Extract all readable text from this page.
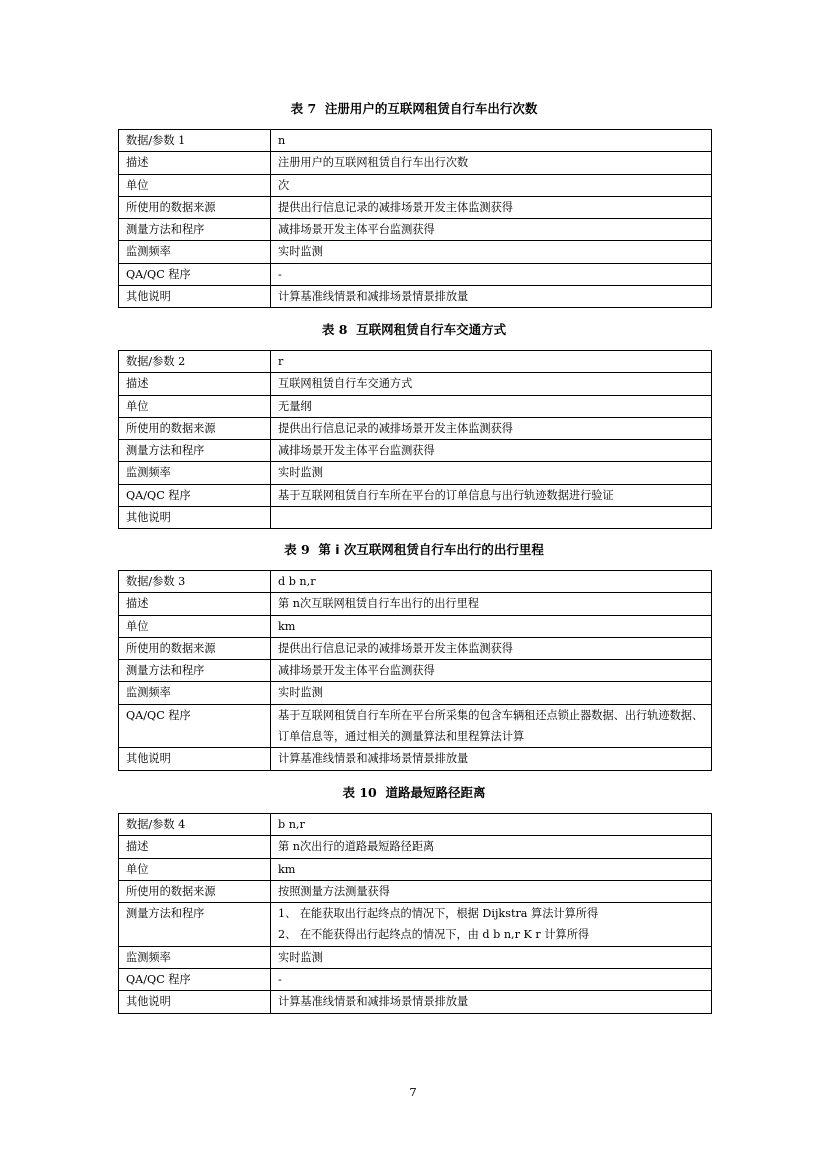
表 7 注册用户的互联网租赁自行车出行次数
数据/参数 1	n
描述	注册用户的互联网租赁自行车出行次数
单位	次
所使用的数据来源	提供出行信息记录的减排场景开发主体监测获得
测量方法和程序	减排场景开发主体平台监测获得
监测频率	实时监测
QA/QC 程序	-
其他说明	计算基准线情景和减排场景情景排放量
表 8 互联网租赁自行车交通方式
数据/参数 2	r
描述	互联网租赁自行车交通方式
单位	无量纲
所使用的数据来源	提供出行信息记录的减排场景开发主体监测获得
测量方法和程序	减排场景开发主体平台监测获得
监测频率	实时监测
QA/QC 程序	基于互联网租赁自行车所在平台的订单信息与出行轨迹数据进行验证
其他说明	
表 9 第 i 次互联网租赁自行车出行的出行里程
数据/参数 3	d b n,r
描述	第 n次互联网租赁自行车出行的出行里程
单位	km
所使用的数据来源	提供出行信息记录的减排场景开发主体监测获得
测量方法和程序	减排场景开发主体平台监测获得
监测频率	实时监测
QA/QC 程序	基于互联网租赁自行车所在平台所采集的包含车辆租还点锁止器数据、出行轨迹数据、订单信息等，通过相关的测量算法和里程算法计算
其他说明	计算基准线情景和减排场景情景排放量
表 10 道路最短路径距离
数据/参数 4	b n,r
描述	第 n次出行的道路最短路径距离
单位	km
所使用的数据来源	按照测量方法测量获得
测量方法和程序	1、 在能获取出行起终点的情况下，根据 Dijkstra 算法计算所得
2、 在不能获得出行起终点的情况下，由 d b n,r K r 计算所得

监测频率	实时监测
QA/QC 程序	-
其他说明	计算基准线情景和减排场景情景排放量
7
